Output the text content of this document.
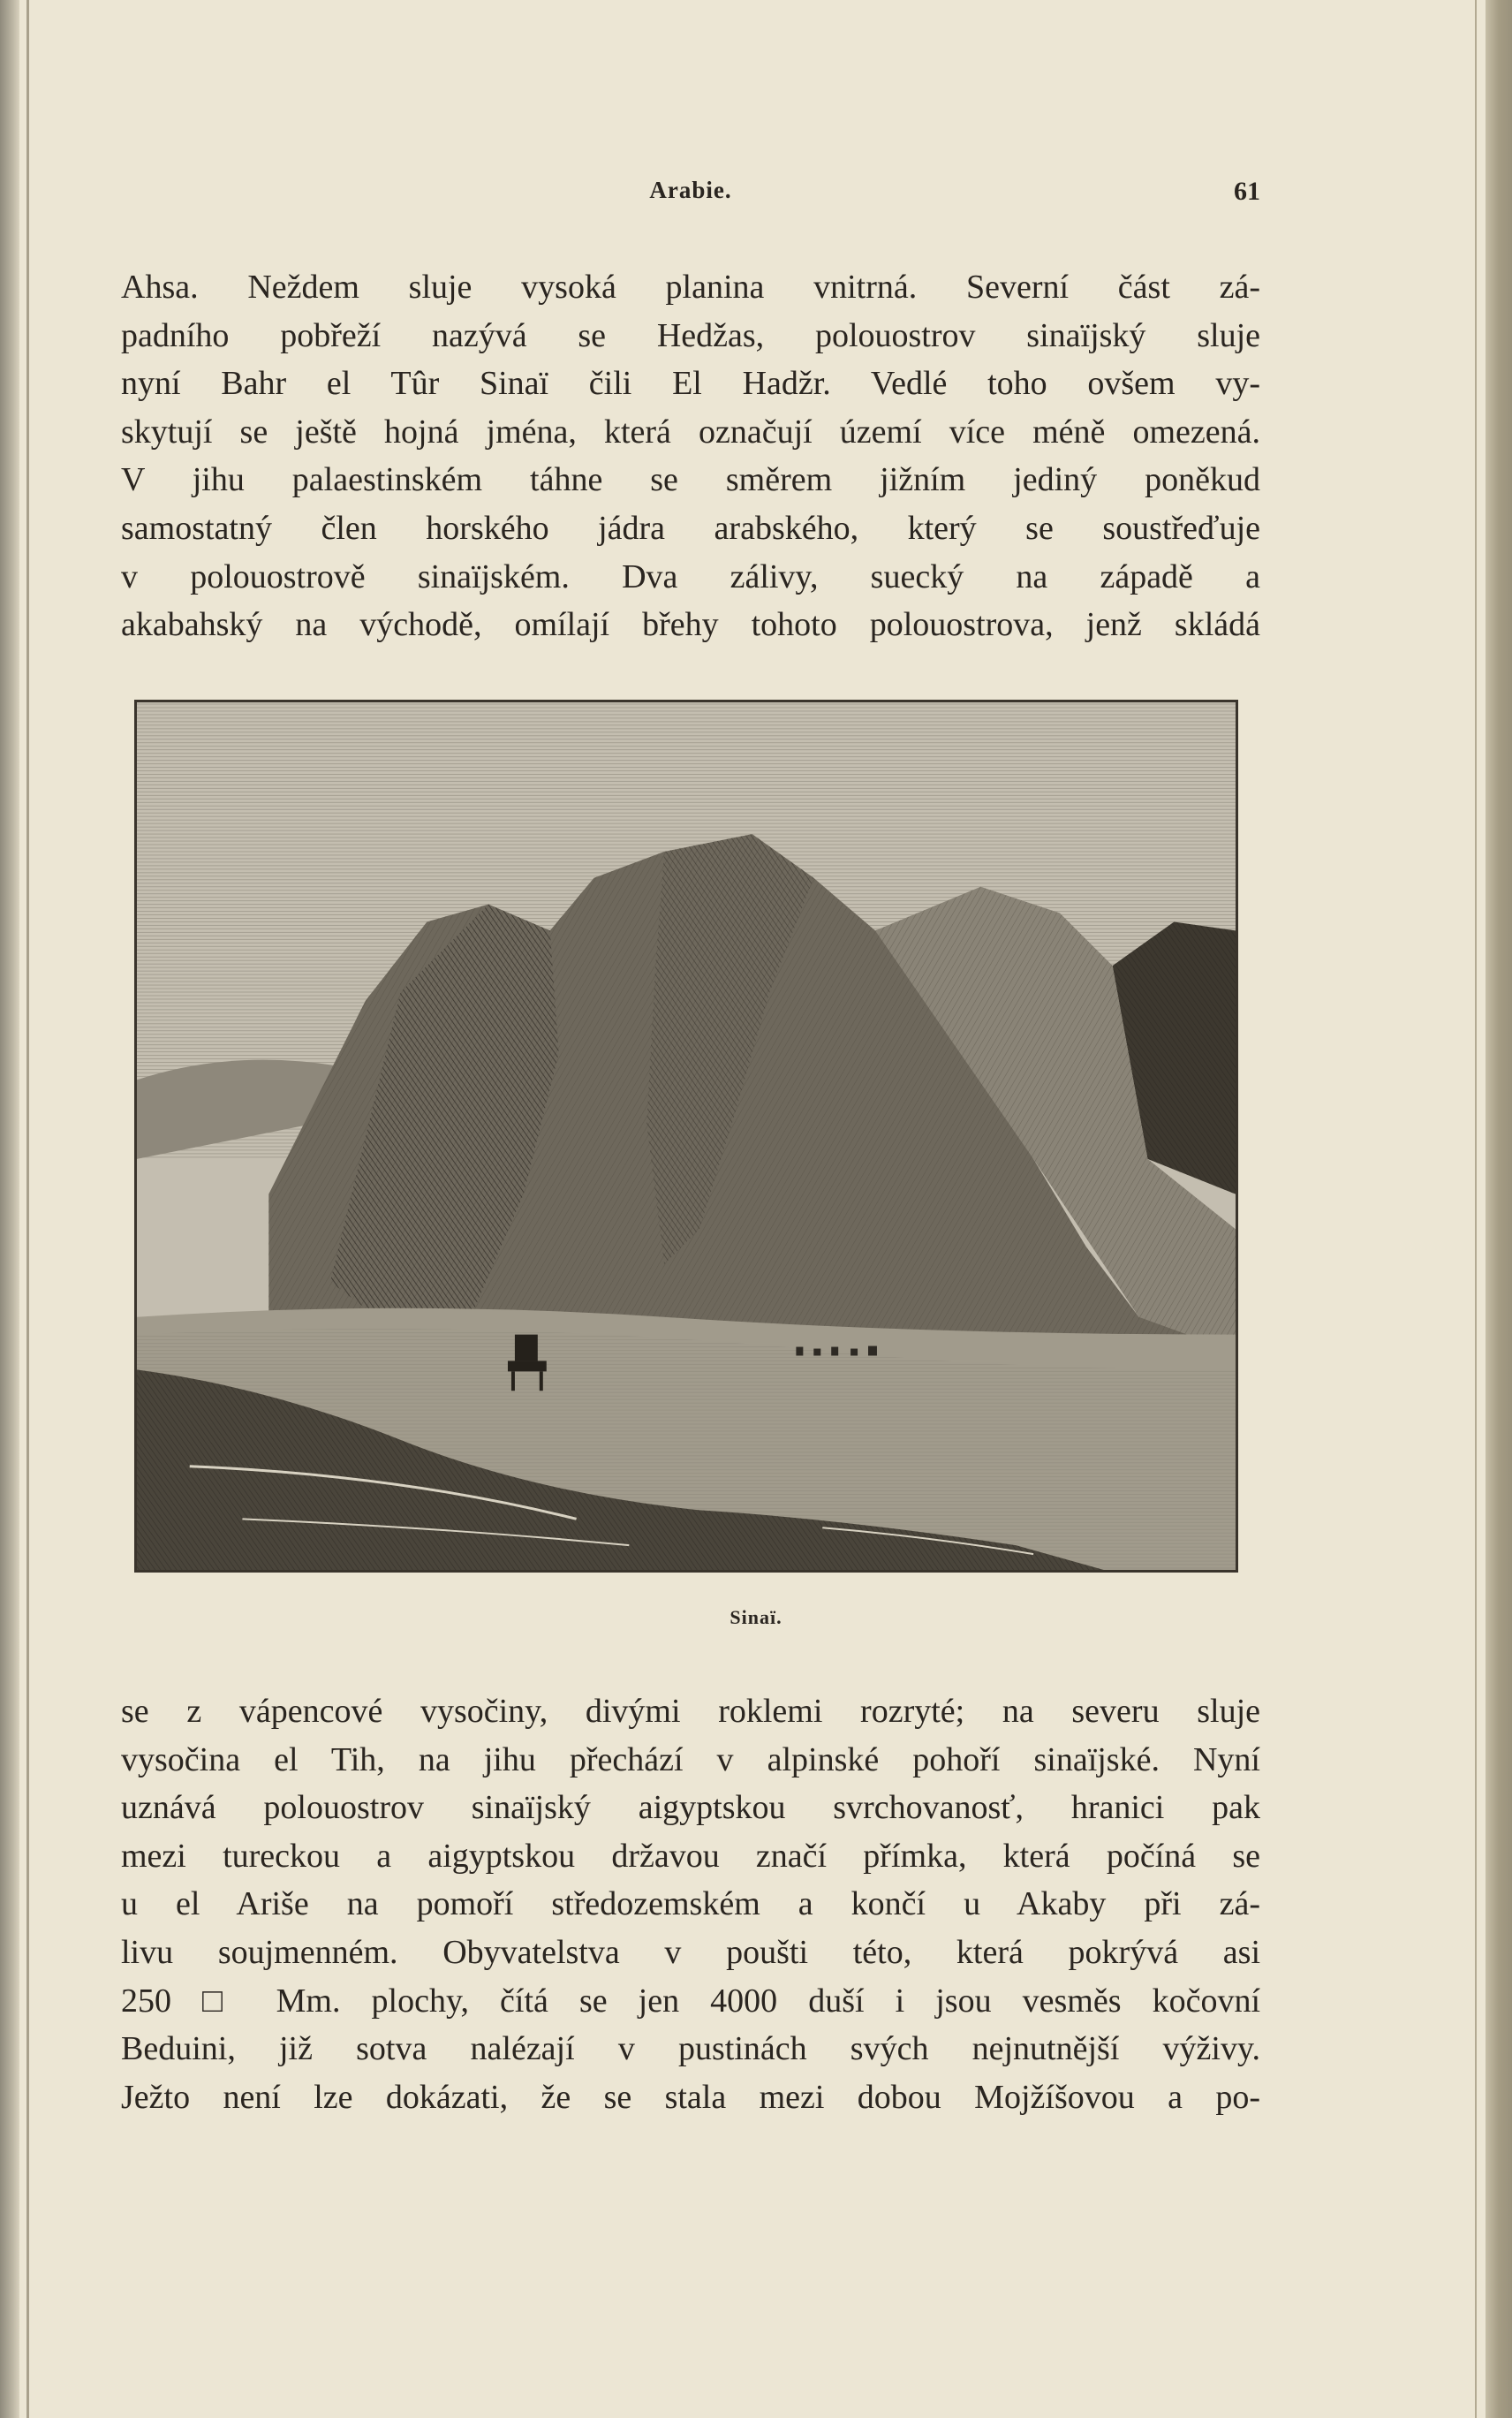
Arabie.	61
Ahsa. Neždem sluje vysoká planina vnitrná. Severní část zá-
padního pobřeží nazývá se Hedžas, polouostrov sinaïjský sluje
nyní Bahr el Tûr Sinaï čili El Hadžr. Vedlé toho ovšem vy-
skytují se ještě hojná jména, která označují území více méně omezená.
V jihu palaestinském táhne se směrem jižním jediný poněkud
samostatný člen horského jádra arabského, který se soustřeďuje
v polouostrově sinaïjském. Dva zálivy, suecký na západě a
akabahský na východě, omílají břehy tohoto polouostrova, jenž skládá
Sinaï.
se z vápencové vysočiny, divými roklemi rozryté; na severu sluje
vysočina el Tih, na jihu přechází v alpinské pohoří sinaïjské. Nyní
uznává polouostrov sinaïjský aigyptskou svrchovanosť, hranici pak
mezi tureckou a aigyptskou državou značí přímka, která počíná se
u el Ariše na pomoří středozemském a končí u Akaby při zá-
livu soujmenném. Obyvatelstva v poušti této, která pokrývá asi
250 □ Mm. plochy, čítá se jen 4000 duší i jsou vesměs kočovní
Beduini, již sotva nalézají v pustinách svých nejnutnější výživy.
Ježto není lze dokázati, že se stala mezi dobou Mojžíšovou a po-
